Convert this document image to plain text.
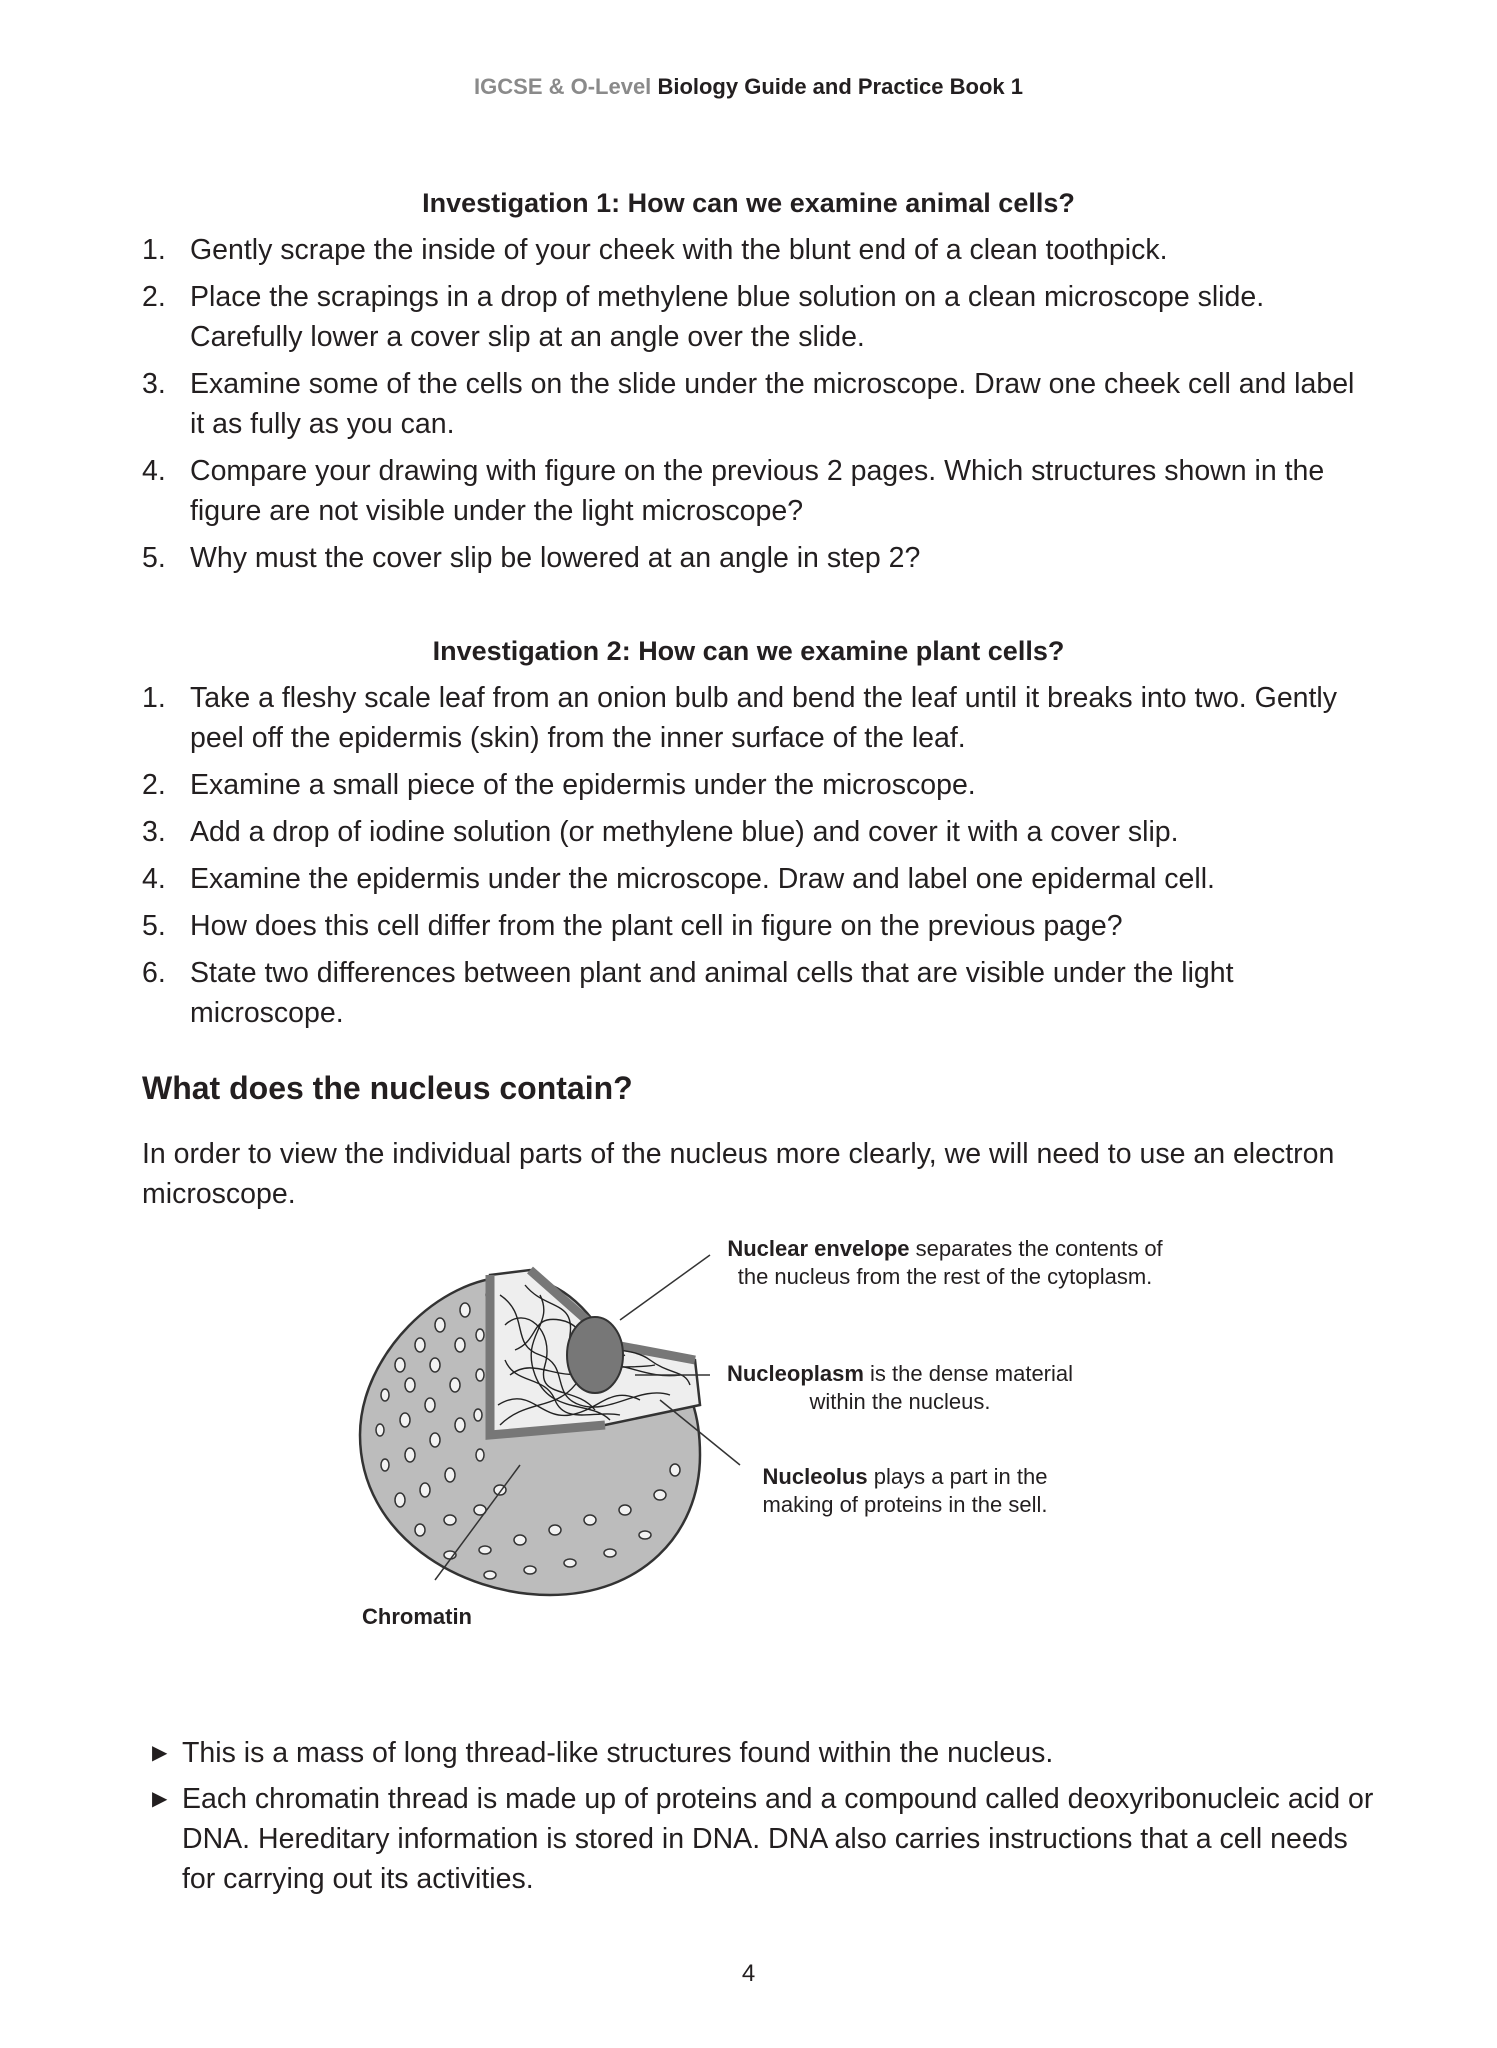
IGCSE & O-Level Biology Guide and Practice Book 1
Investigation 1: How can we examine animal cells?
1. Gently scrape the inside of your cheek with the blunt end of a clean toothpick.
2. Place the scrapings in a drop of methylene blue solution on a clean microscope slide. Carefully lower a cover slip at an angle over the slide.
3. Examine some of the cells on the slide under the microscope. Draw one cheek cell and label it as fully as you can.
4. Compare your drawing with figure on the previous 2 pages. Which structures shown in the figure are not visible under the light microscope?
5. Why must the cover slip be lowered at an angle in step 2?
Investigation 2: How can we examine plant cells?
1. Take a fleshy scale leaf from an onion bulb and bend the leaf until it breaks into two. Gently peel off the epidermis (skin) from the inner surface of the leaf.
2. Examine a small piece of the epidermis under the microscope.
3. Add a drop of iodine solution (or methylene blue) and cover it with a cover slip.
4. Examine the epidermis under the microscope. Draw and label one epidermal cell.
5. How does this cell differ from the plant cell in figure on the previous page?
6. State two differences between plant and animal cells that are visible under the light microscope.
What does the nucleus contain?
In order to view the individual parts of the nucleus more clearly, we will need to use an electron microscope.
Nuclear envelope separates the contents of the nucleus from the rest of the cytoplasm.
Nucleoplasm is the dense material within the nucleus.
Nucleolus plays a part in the making of proteins in the sell.
Chromatin
▶ This is a mass of long thread-like structures found within the nucleus.
▶ Each chromatin thread is made up of proteins and a compound called deoxyribonucleic acid or DNA. Hereditary information is stored in DNA. DNA also carries instructions that a cell needs for carrying out its activities.
4
